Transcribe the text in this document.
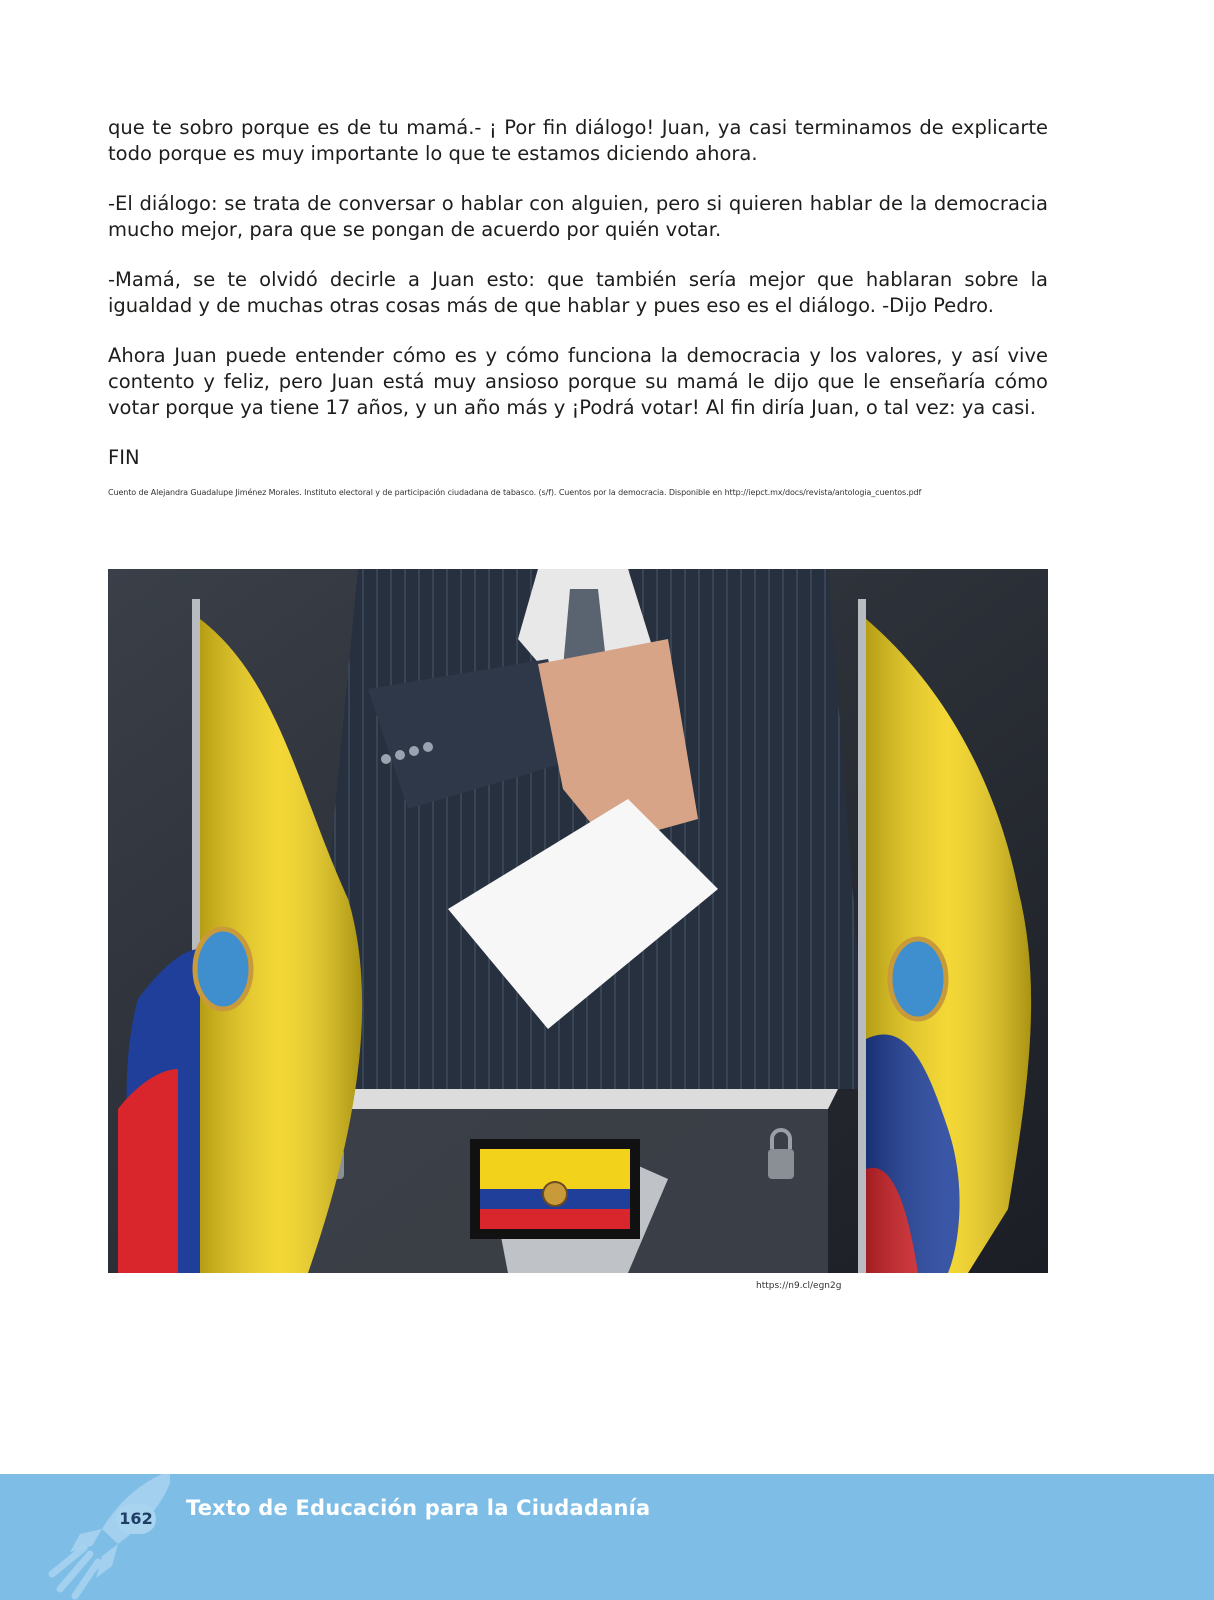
que te sobro porque es de tu mamá.- ¡ Por fin diálogo! Juan, ya casi terminamos de explicarte todo porque es muy importante lo que te estamos diciendo ahora.

-El diálogo: se trata de conversar o hablar con alguien, pero si quieren hablar de la democracia mucho mejor, para que se pongan de acuerdo por quién votar.

-Mamá, se te olvidó decirle a Juan esto: que también sería mejor que hablaran sobre la igualdad y de muchas otras cosas más de que hablar y pues eso es el diálogo. -Dijo Pedro.

Ahora Juan puede entender cómo es y cómo funciona la democracia y los valores, y así vive contento y feliz, pero Juan está muy ansioso porque su mamá le dijo que le enseñaría cómo votar porque ya tiene 17 años, y un año más y ¡Podrá votar! Al fin diría Juan, o tal vez: ya casi.

FIN

Cuento de Alejandra Guadalupe Jiménez Morales. Instituto electoral y de participación ciudadana de tabasco. (s/f). Cuentos por la democracia. Disponible en http://iepct.mx/docs/revista/antologia_cuentos.pdf
https://n9.cl/egn2g
162 Texto de Educación para la Ciudadanía
